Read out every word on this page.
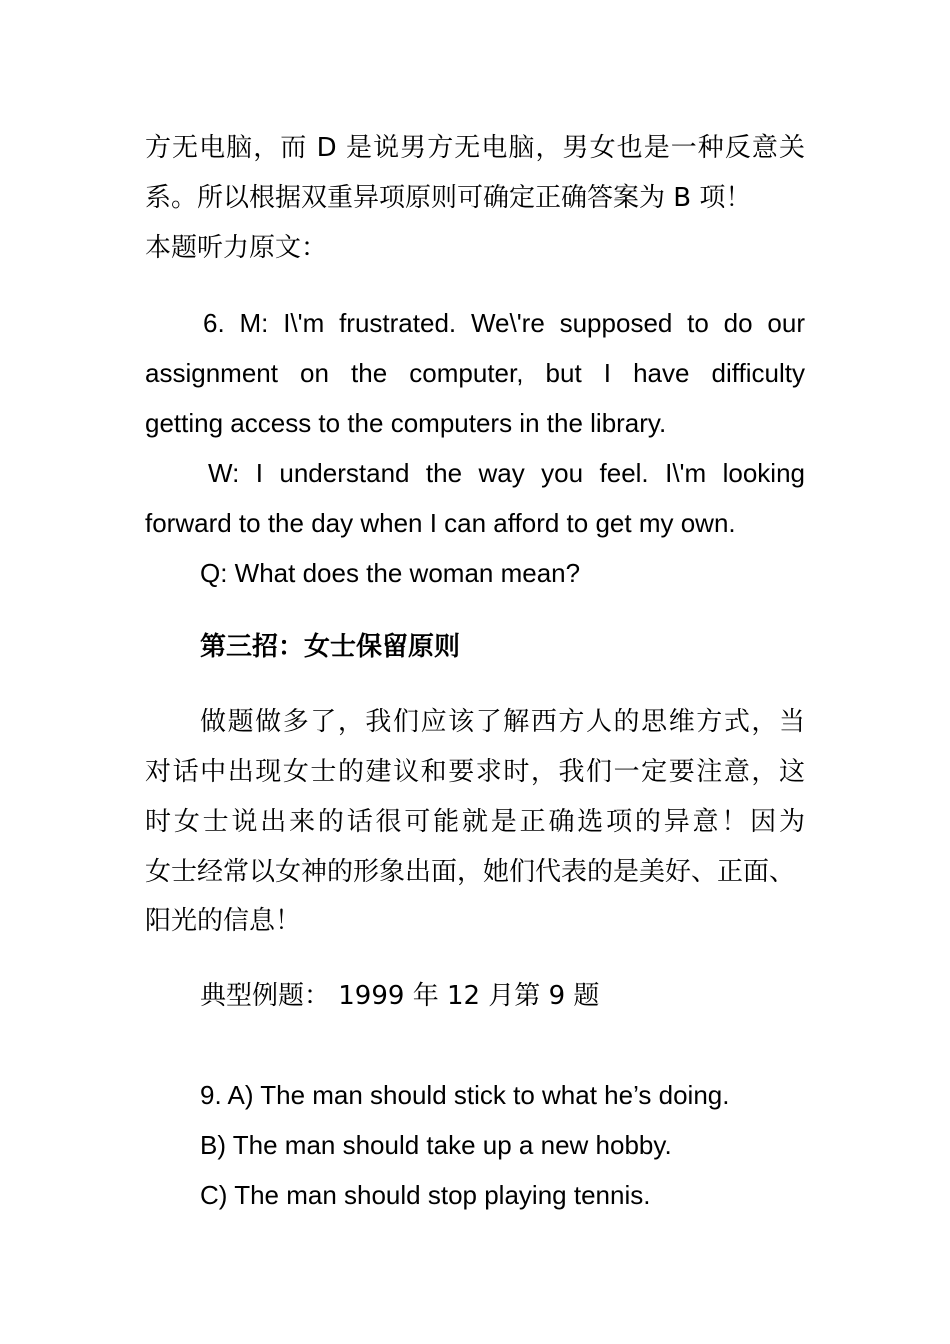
方无电脑，而 D 是说男方无电脑，男女也是一种反意关
系。所以根据双重异项原则可确定正确答案为 B 项！
本题听力原文：
6. M: I\'m frustrated. We\'re supposed to do our
assignment on the computer, but I have difficulty
getting access to the computers in the library.
W: I understand the way you feel. I\'m looking
forward to the day when I can afford to get my own.
Q: What does the woman mean?
第三招：女士保留原则
做题做多了，我们应该了解西方人的思维方式，当
对话中出现女士的建议和要求时，我们一定要注意，这
时女士说出来的话很可能就是正确选项的异意！因为
女士经常以女神的形象出面，她们代表的是美好、正面、
阳光的信息！
典型例题： 1999 年 12 月第 9 题
9. A) The man should stick to what he’s doing.
B) The man should take up a new hobby.
C) The man should stop playing tennis.
